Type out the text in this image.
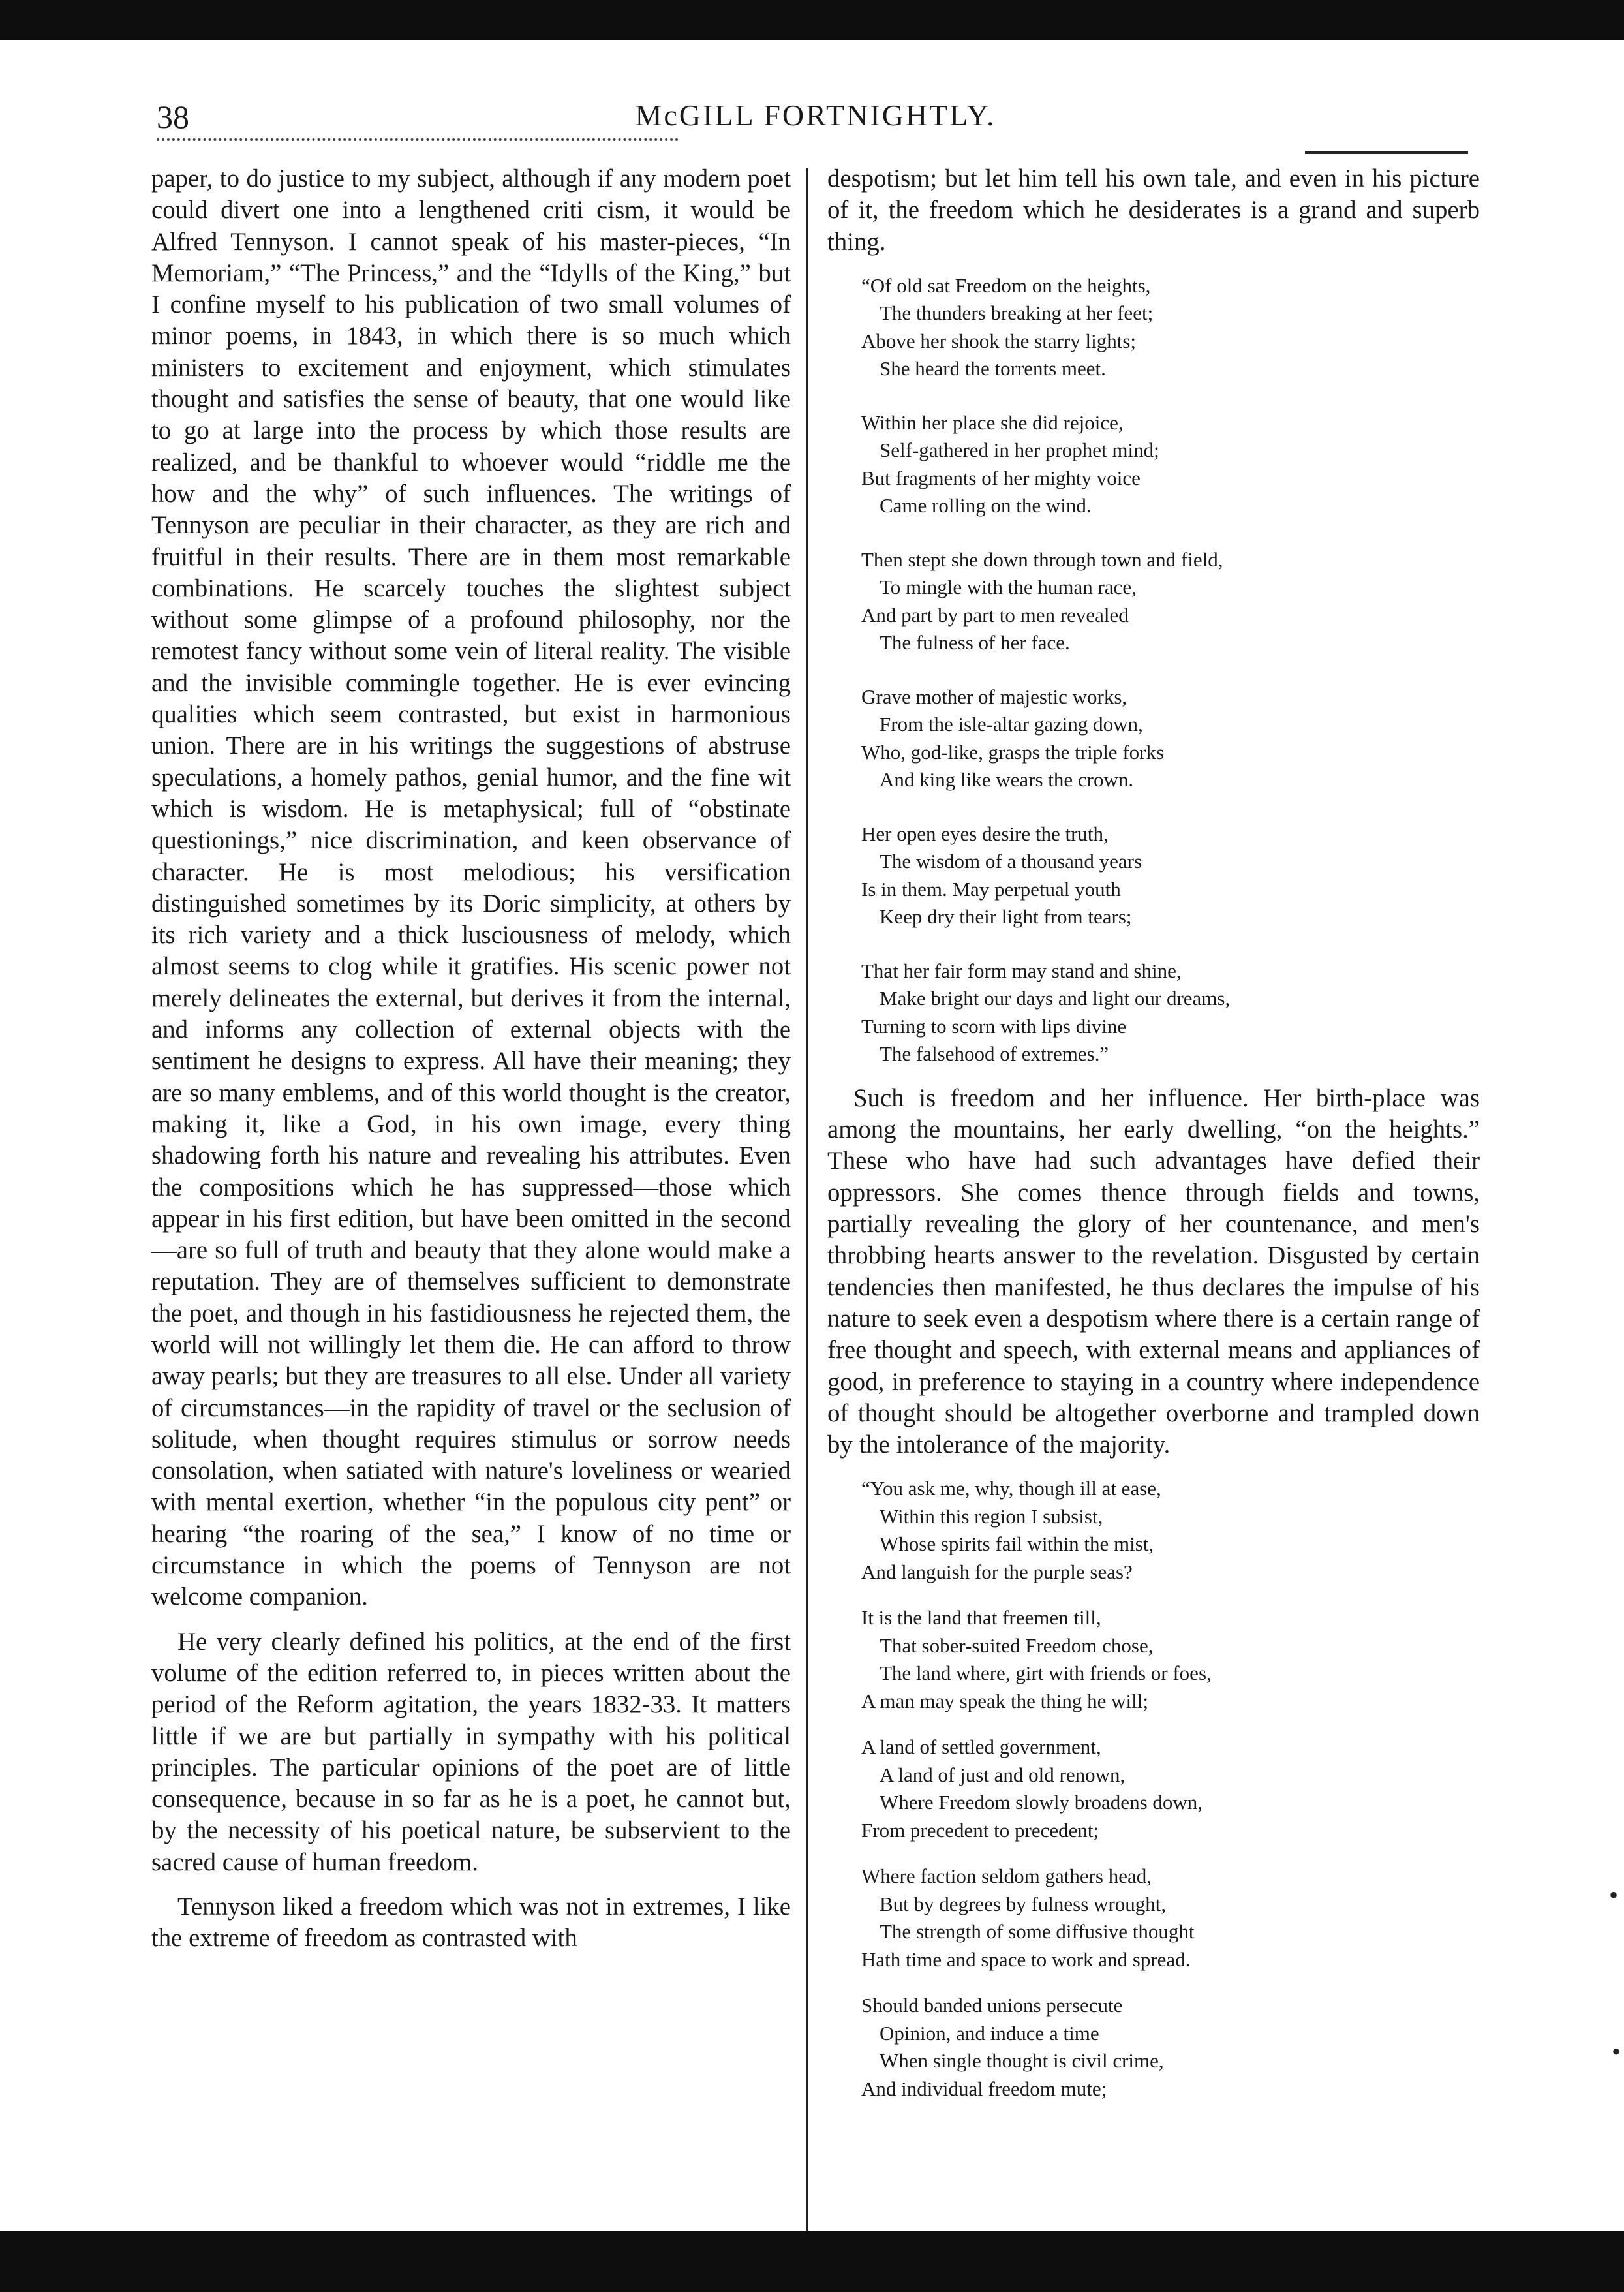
38	McGILL FORTNIGHTLY.

paper, to do justice to my subject, although if any modern poet could divert one into a lengthened criti cism, it would be Alfred Tennyson. I cannot speak of his master-pieces, “In Memoriam,” “The Princess,” and the “Idylls of the King,” but I confine myself to his publication of two small volumes of minor poems, in 1843, in which there is so much which ministers to excitement and enjoyment, which stimulates thought and satisfies the sense of beauty, that one would like to go at large into the process by which those results are realized, and be thankful to whoever would “riddle me the how and the why” of such influences. The writings of Tennyson are peculiar in their character, as they are rich and fruitful in their results. There are in them most remarkable combinations. He scarcely touches the slightest subject without some glimpse of a profound philosophy, nor the remotest fancy without some vein of literal reality. The visible and the invisible commingle together. He is ever evincing qualities which seem contrasted, but exist in harmonious union. There are in his writings the suggestions of abstruse speculations, a homely pathos, genial humor, and the fine wit which is wisdom. He is metaphysical; full of “obstinate questionings,” nice discrimination, and keen observance of character. He is most melodious; his versification distinguished sometimes by its Doric simplicity, at others by its rich variety and a thick lusciousness of melody, which almost seems to clog while it gratifies. His scenic power not merely delineates the external, but derives it from the internal, and informs any collection of external objects with the sentiment he designs to express. All have their meaning; they are so many emblems, and of this world thought is the creator, making it, like a God, in his own image, every thing shadowing forth his nature and revealing his attributes. Even the compositions which he has suppressed—those which appear in his first edition, but have been omitted in the second—are so full of truth and beauty that they alone would make a reputation. They are of themselves sufficient to demonstrate the poet, and though in his fastidiousness he rejected them, the world will not willingly let them die. He can afford to throw away pearls; but they are treasures to all else. Under all variety of circumstances—in the rapidity of travel or the seclusion of solitude, when thought requires stimulus or sorrow needs consolation, when satiated with nature's loveliness or wearied with mental exertion, whether “in the populous city pent” or hearing “the roaring of the sea,” I know of no time or circumstance in which the poems of Tennyson are not welcome companion.

He very clearly defined his politics, at the end of the first volume of the edition referred to, in pieces written about the period of the Reform agitation, the years 1832-33. It matters little if we are but partially in sympathy with his political principles. The particular opinions of the poet are of little consequence, because in so far as he is a poet, he cannot but, by the necessity of his poetical nature, be subservient to the sacred cause of human freedom.

Tennyson liked a freedom which was not in extremes, I like the extreme of freedom as contrasted with

despotism; but let him tell his own tale, and even in his picture of it, the freedom which he desiderates is a grand and superb thing.

“Of old sat Freedom on the heights,
The thunders breaking at her feet;
Above her shook the starry lights;
She heard the torrents meet.
Within her place she did rejoice,
Self-gathered in her prophet mind;
But fragments of her mighty voice
Came rolling on the wind.
Then stept she down through town and field,
To mingle with the human race,
And part by part to men revealed
The fulness of her face.
Grave mother of majestic works,
From the isle-altar gazing down,
Who, god-like, grasps the triple forks
And king like wears the crown.
Her open eyes desire the truth,
The wisdom of a thousand years
Is in them. May perpetual youth
Keep dry their light from tears;
That her fair form may stand and shine,
Make bright our days and light our dreams,
Turning to scorn with lips divine
The falsehood of extremes.”

Such is freedom and her influence. Her birth-place was among the mountains, her early dwelling, “on the heights.” These who have had such advantages have defied their oppressors. She comes thence through fields and towns, partially revealing the glory of her countenance, and men's throbbing hearts answer to the revelation. Disgusted by certain tendencies then manifested, he thus declares the impulse of his nature to seek even a despotism where there is a certain range of free thought and speech, with external means and appliances of good, in preference to staying in a country where independence of thought should be altogether overborne and trampled down by the intolerance of the majority.

“You ask me, why, though ill at ease,
Within this region I subsist,
Whose spirits fail within the mist,
And languish for the purple seas?
It is the land that freemen till,
That sober-suited Freedom chose,
The land where, girt with friends or foes,
A man may speak the thing he will;
A land of settled government,
A land of just and old renown,
Where Freedom slowly broadens down,
From precedent to precedent;
Where faction seldom gathers head,
But by degrees by fulness wrought,
The strength of some diffusive thought
Hath time and space to work and spread.
Should banded unions persecute
Opinion, and induce a time
When single thought is civil crime,
And individual freedom mute;
•
•
